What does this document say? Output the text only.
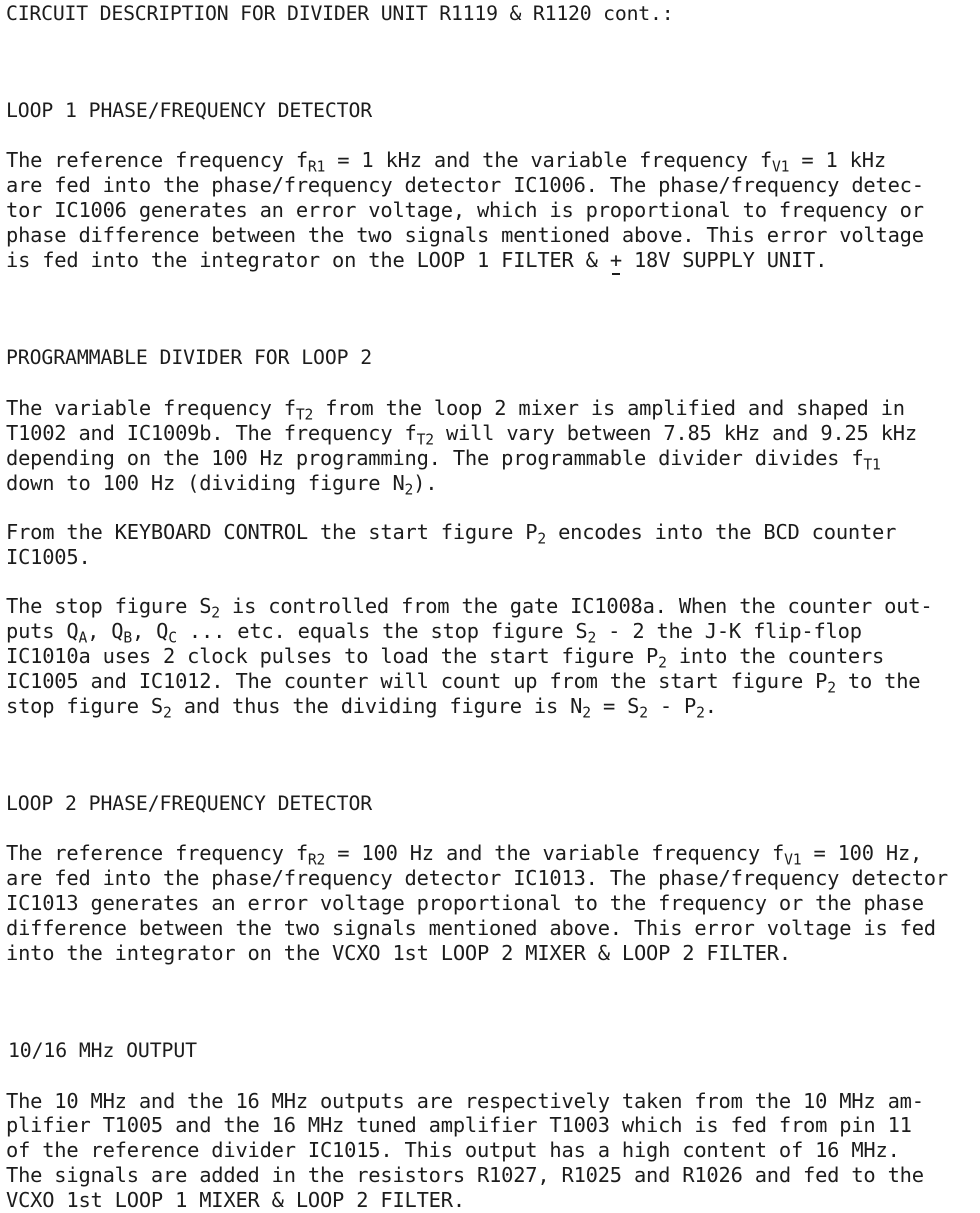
CIRCUIT DESCRIPTION FOR DIVIDER UNIT R1119 & R1120 cont.:
LOOP 1 PHASE/FREQUENCY DETECTOR
The reference frequency $f_{R1} = 1$ kHz and the variable frequency $f_{V1} = 1$ kHz
are fed into the phase/frequency detector IC1006. The phase/frequency detec-
tor IC1006 generates an error voltage, which is proportional to frequency or
phase difference between the two signals mentioned above. This error voltage
is fed into the integrator on the LOOP 1 FILTER & + 18V SUPPLY UNIT.
PROGRAMMABLE DIVIDER FOR LOOP 2
The variable frequency $f_{T2}$ from the loop 2 mixer is amplified and shaped in
T1002 and IC1009b. The frequency $f_{T2}$ will vary between 7.85 kHz and 9.25 kHz
depending on the 100 Hz programming. The programmable divider divides $f_{T1}$
down to 100 Hz (dividing figure $N_2$).
From the KEYBOARD CONTROL the start figure $P_2$ encodes into the BCD counter
IC1005.
The stop figure $S_2$ is controlled from the gate IC1008a. When the counter out-
puts $Q_A$, $Q_B$, $Q_C$ ... etc. equals the stop figure $S_2 - 2$ the J-K flip-flop
IC1010a uses 2 clock pulses to load the start figure $P_2$ into the counters
IC1005 and IC1012. The counter will count up from the start figure $P_2$ to the
stop figure $S_2$ and thus the dividing figure is $N_2 = S_2 - P_2$.
LOOP 2 PHASE/FREQUENCY DETECTOR
The reference frequency $f_{R2} = 100$ Hz and the variable frequency $f_{V1} = 100$ Hz,
are fed into the phase/frequency detector IC1013. The phase/frequency detector
IC1013 generates an error voltage proportional to the frequency or the phase
difference between the two signals mentioned above. This error voltage is fed
into the integrator on the VCXO 1st LOOP 2 MIXER & LOOP 2 FILTER.
10/16 MHz OUTPUT
The 10 MHz and the 16 MHz outputs are respectively taken from the 10 MHz am-
plifier T1005 and the 16 MHz tuned amplifier T1003 which is fed from pin 11
of the reference divider IC1015. This output has a high content of 16 MHz.
The signals are added in the resistors R1027, R1025 and R1026 and fed to the
VCXO 1st LOOP 1 MIXER & LOOP 2 FILTER.
